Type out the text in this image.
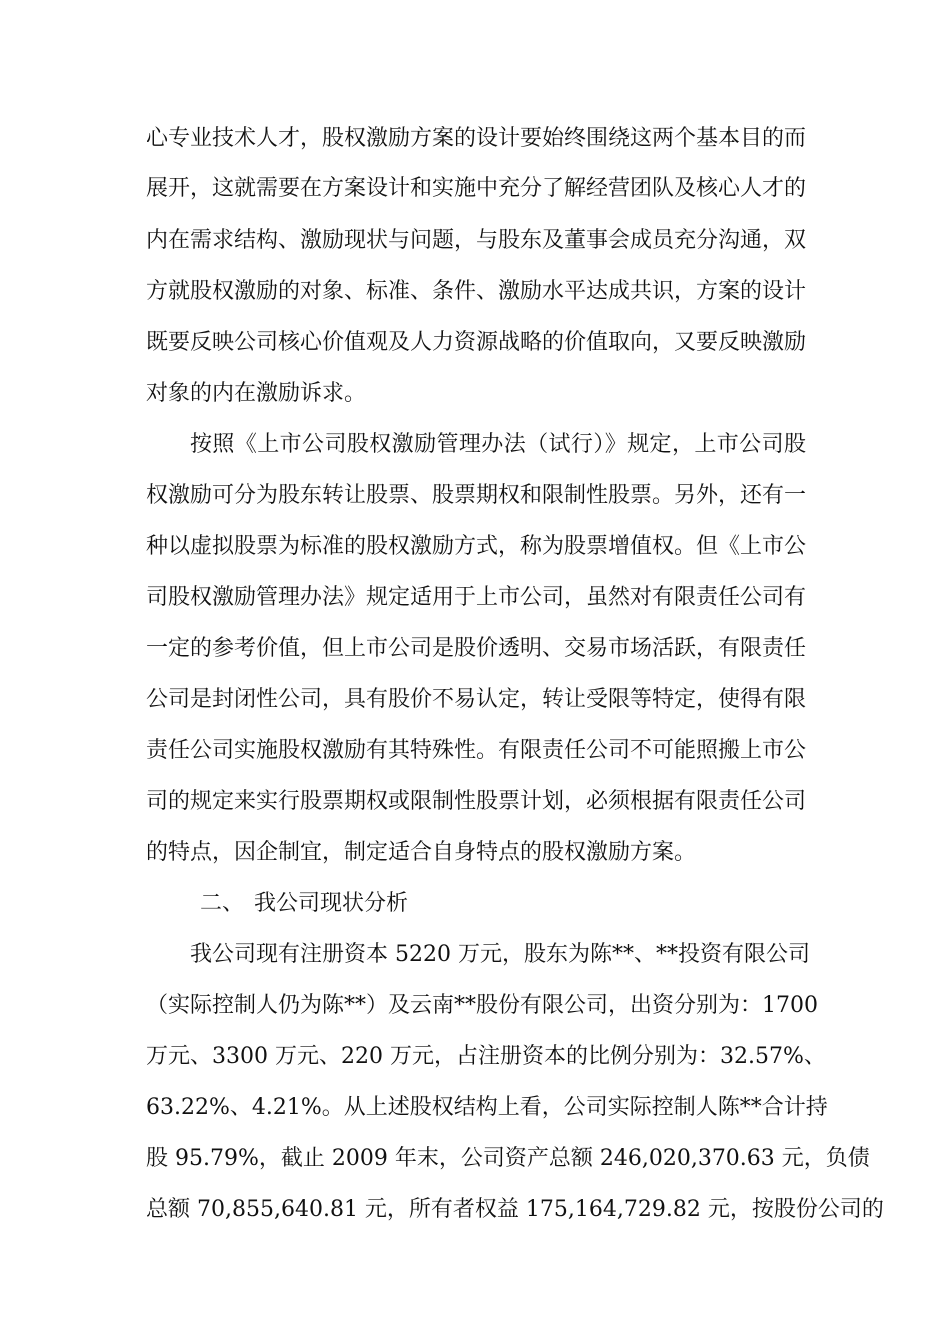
心专业技术人才，股权激励方案的设计要始终围绕这两个基本目的而
展开，这就需要在方案设计和实施中充分了解经营团队及核心人才的
内在需求结构、激励现状与问题，与股东及董事会成员充分沟通，双
方就股权激励的对象、标准、条件、激励水平达成共识，方案的设计
既要反映公司核心价值观及人力资源战略的价值取向，又要反映激励
对象的内在激励诉求。
按照《上市公司股权激励管理办法（试行）》规定，上市公司股
权激励可分为股东转让股票、股票期权和限制性股票。另外，还有一
种以虚拟股票为标准的股权激励方式，称为股票增值权。但《上市公
司股权激励管理办法》规定适用于上市公司，虽然对有限责任公司有
一定的参考价值，但上市公司是股价透明、交易市场活跃，有限责任
公司是封闭性公司，具有股价不易认定，转让受限等特定，使得有限
责任公司实施股权激励有其特殊性。有限责任公司不可能照搬上市公
司的规定来实行股票期权或限制性股票计划，必须根据有限责任公司
的特点，因企制宜，制定适合自身特点的股权激励方案。
二、 我公司现状分析
我公司现有注册资本 5220 万元，股东为陈**、**投资有限公司
（实际控制人仍为陈**）及云南**股份有限公司，出资分别为：1700
万元、3300 万元、220 万元，占注册资本的比例分别为：32.57%、
63.22%、4.21%。从上述股权结构上看，公司实际控制人陈**合计持
股 95.79%，截止 2009 年末，公司资产总额 246,020,370.63 元，负债
总额 70,855,640.81 元，所有者权益 175,164,729.82 元，按股份公司的
